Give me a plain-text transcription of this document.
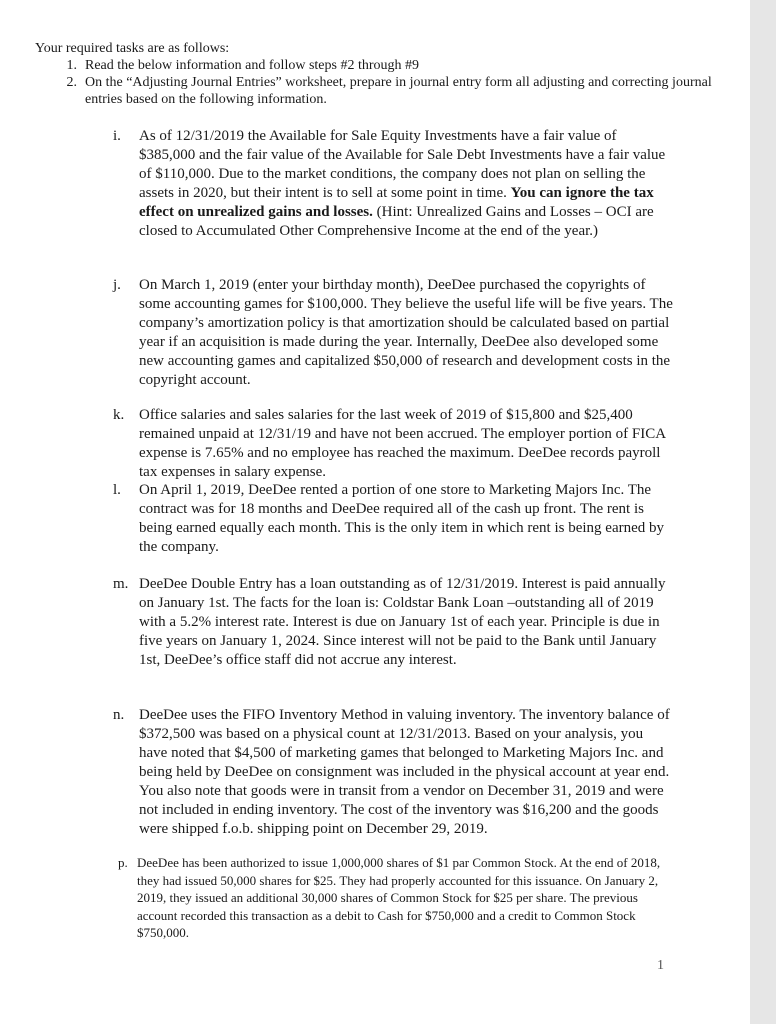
Your required tasks are as follows:
1. Read the below information and follow steps #2 through #9
2. On the “Adjusting Journal Entries” worksheet, prepare in journal entry form all adjusting and correcting journal entries based on the following information.
i.	As of 12/31/2019 the Available for Sale Equity Investments have a fair value of $385,000 and the fair value of the Available for Sale Debt Investments have a fair value of $110,000. Due to the market conditions, the company does not plan on selling the assets in 2020, but their intent is to sell at some point in time. You can ignore the tax effect on unrealized gains and losses. (Hint: Unrealized Gains and Losses – OCI are closed to Accumulated Other Comprehensive Income at the end of the year.)
j.	On March 1, 2019 (enter your birthday month), DeeDee purchased the copyrights of some accounting games for $100,000. They believe the useful life will be five years. The company’s amortization policy is that amortization should be calculated based on partial year if an acquisition is made during the year. Internally, DeeDee also developed some new accounting games and capitalized $50,000 of research and development costs in the copyright account.
k. Office salaries and sales salaries for the last week of 2019 of $15,800 and $25,400 remained unpaid at 12/31/19 and have not been accrued. The employer portion of FICA expense is 7.65% and no employee has reached the maximum. DeeDee records payroll tax expenses in salary expense.
l.	On April 1, 2019, DeeDee rented a portion of one store to Marketing Majors Inc. The contract was for 18 months and DeeDee required all of the cash up front. The rent is being earned equally each month. This is the only item in which rent is being earned by the company.
m. DeeDee Double Entry has a loan outstanding as of 12/31/2019. Interest is paid annually on January 1st. The facts for the loan is: Coldstar Bank Loan –outstanding all of 2019 with a 5.2% interest rate. Interest is due on January 1st of each year. Principle is due in five years on January 1, 2024. Since interest will not be paid to the Bank until January 1st, DeeDee’s office staff did not accrue any interest.
n. DeeDee uses the FIFO Inventory Method in valuing inventory. The inventory balance of $372,500 was based on a physical count at 12/31/2013. Based on your analysis, you have noted that $4,500 of marketing games that belonged to Marketing Majors Inc. and being held by DeeDee on consignment was included in the physical account at year end. You also note that goods were in transit from a vendor on December 31, 2019 and were not included in ending inventory. The cost of the inventory was $16,200 and the goods were shipped f.o.b. shipping point on December 29, 2019.
p. DeeDee has been authorized to issue 1,000,000 shares of $1 par Common Stock. At the end of 2018, they had issued 50,000 shares for $25. They had properly accounted for this issuance. On January 2, 2019, they issued an additional 30,000 shares of Common Stock for $25 per share. The previous account recorded this transaction as a debit to Cash for $750,000 and a credit to Common Stock $750,000.
1
